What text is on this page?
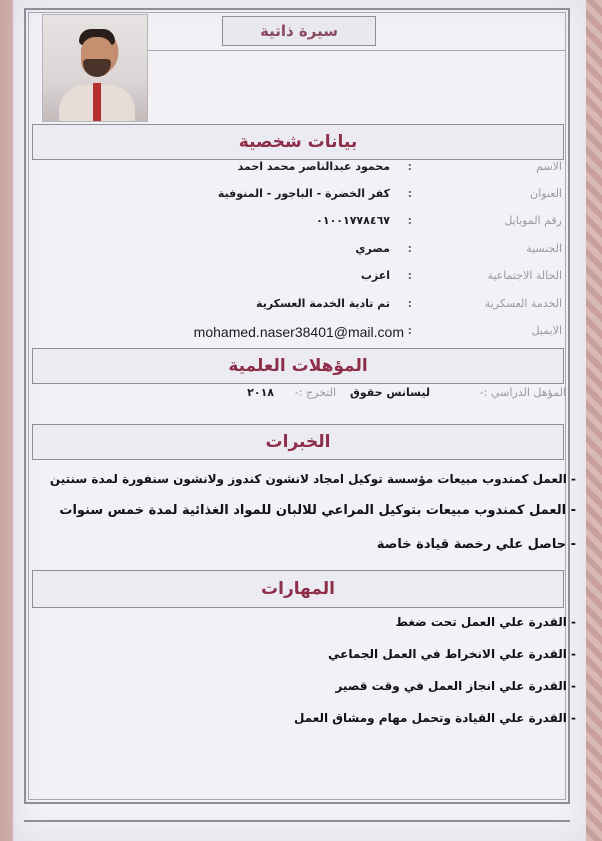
سيرة ذاتية
بيانات شخصية
الاسم
:
محمود عبدالناصر محمد احمد
العنوان
:
كفر الخضرة - الباجور - المنوفية
رقم الموبايل
:
٠١٠٠١٧٧٨٤٦٧
الجنسية
:
مصري
الحالة الاجتماعية
:
اعزب
الخدمة العسكرية
:
تم تادية الخدمة العسكرية
الايميل
:
mohamed.naser38401@mail.com
المؤهلات العلمية
المؤهل الدراسي :-
ليسانس حقوق
التخرج :-
٢٠١٨
الخبرات
- العمل كمندوب مبيعات مؤسسة توكيل امجاد لانشون كندوز ولانشون سنفورة لمدة سنتين
- العمل كمندوب مبيعات بتوكيل المراعي للالبان للمواد الغذائية لمدة خمس سنوات
- حاصل علي رخصة قيادة خاصة
المهارات
- القدرة علي العمل تحت ضغط
- القدرة علي الانخراط في العمل الجماعي
- القدرة علي انجاز العمل في وقت قصير
- القدرة علي القيادة وتحمل مهام ومشاق العمل
